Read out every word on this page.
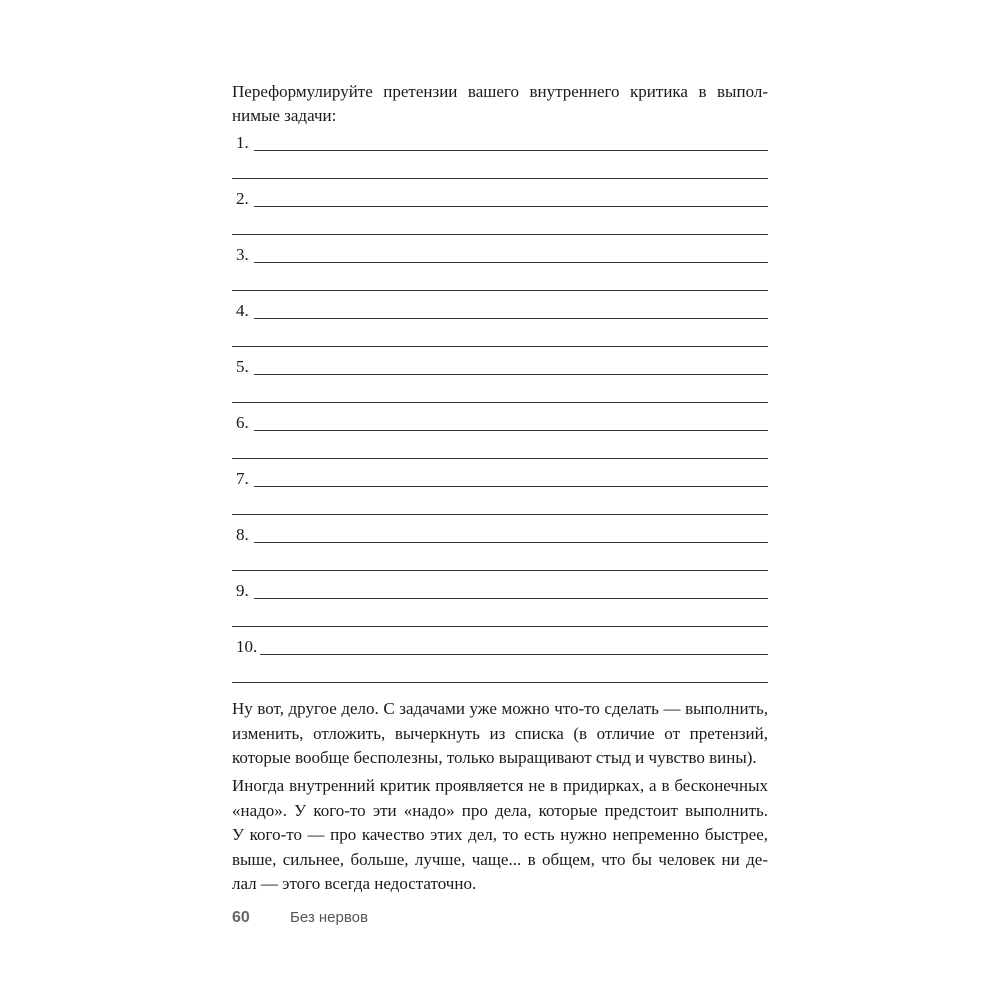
Переформулируйте претензии вашего внутреннего критика в выпол-
нимые задачи:

1.
2.
3.
4.
5.
6.
7.
8.
9.
10.

Ну вот, другое дело. С задачами уже можно что-то сделать — выполнить,
изменить, отложить, вычеркнуть из списка (в отличие от претензий,
которые вообще бесполезны, только выращивают стыд и чувство вины).

Иногда внутренний критик проявляется не в придирках, а в бесконечных
«надо». У кого-то эти «надо» про дела, которые предстоит выполнить.
У кого-то — про качество этих дел, то есть нужно непременно быстрее,
выше, сильнее, больше, лучше, чаще... в общем, что бы человек ни де-
лал — этого всегда недостаточно.

60	Без нервов
